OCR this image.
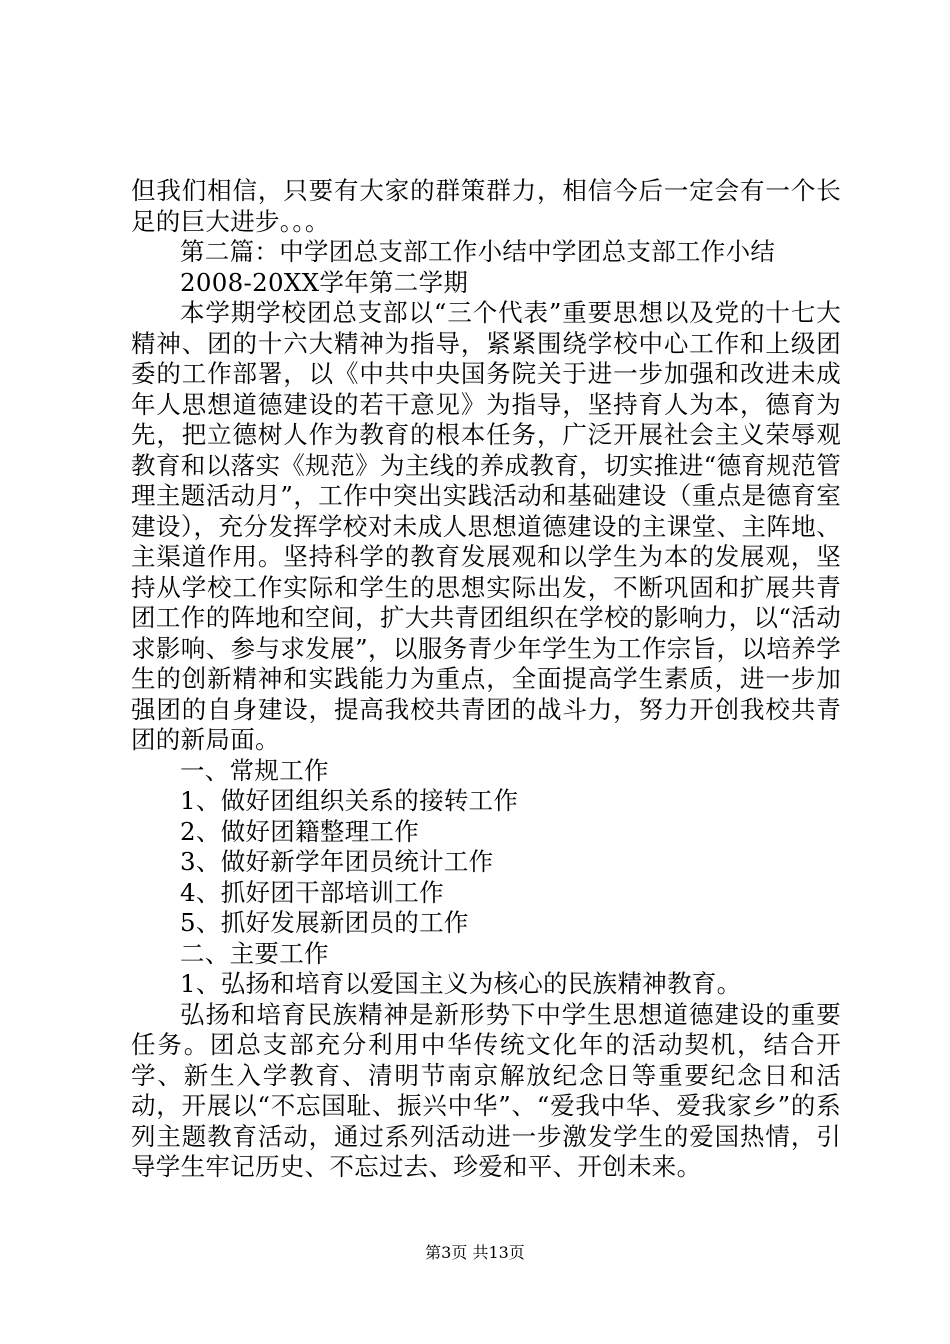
但我们相信，只要有大家的群策群力，相信今后一定会有一个长足的巨大进步。。。

第二篇：中学团总支部工作小结中学团总支部工作小结

2008-20XX学年第二学期

本学期学校团总支部以“三个代表”重要思想以及党的十七大精神、团的十六大精神为指导，紧紧围绕学校中心工作和上级团委的工作部署，以《中共中央国务院关于进一步加强和改进未成年人思想道德建设的若干意见》为指导，坚持育人为本，德育为先，把立德树人作为教育的根本任务，广泛开展社会主义荣辱观教育和以落实《规范》为主线的养成教育，切实推进“德育规范管理主题活动月”，工作中突出实践活动和基础建设（重点是德育室建设），充分发挥学校对未成人思想道德建设的主课堂、主阵地、主渠道作用。坚持科学的教育发展观和以学生为本的发展观，坚持从学校工作实际和学生的思想实际出发，不断巩固和扩展共青团工作的阵地和空间，扩大共青团组织在学校的影响力，以“活动求影响、参与求发展”，以服务青少年学生为工作宗旨，以培养学生的创新精神和实践能力为重点，全面提高学生素质，进一步加强团的自身建设，提高我校共青团的战斗力，努力开创我校共青团的新局面。

一、常规工作

1、做好团组织关系的接转工作

2、做好团籍整理工作

3、做好新学年团员统计工作

4、抓好团干部培训工作

5、抓好发展新团员的工作

二、主要工作

1、弘扬和培育以爱国主义为核心的民族精神教育。

弘扬和培育民族精神是新形势下中学生思想道德建设的重要任务。团总支部充分利用中华传统文化年的活动契机，结合开学、新生入学教育、清明节南京解放纪念日等重要纪念日和活动，开展以“不忘国耻、振兴中华”、“爱我中华、爱我家乡”的系列主题教育活动，通过系列活动进一步激发学生的爱国热情，引导学生牢记历史、不忘过去、珍爱和平、开创未来。

第3页 共13页
